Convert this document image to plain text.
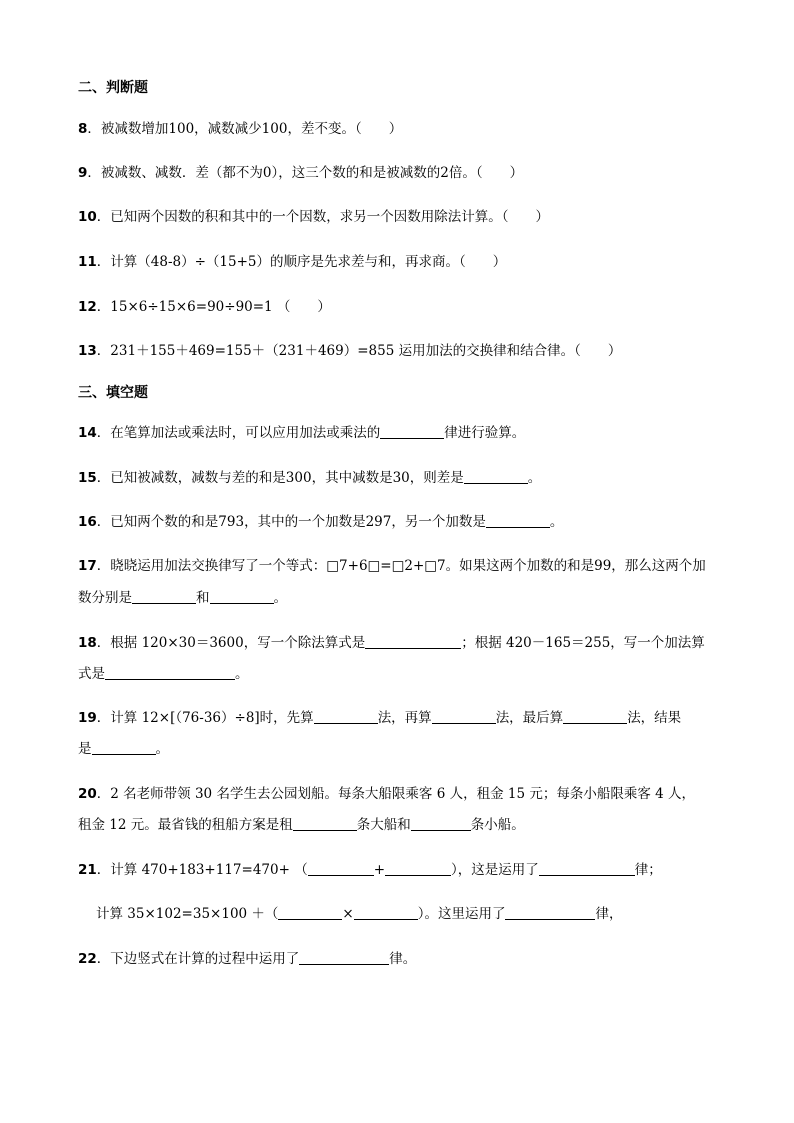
二、判断题
8．被减数增加100，减数减少100，差不变。（　　）
9．被减数、减数．差（都不为0），这三个数的和是被减数的2倍。（　　）
10．已知两个因数的积和其中的一个因数，求另一个因数用除法计算。（　　）
11．计算（48-8）÷（15+5）的顺序是先求差与和，再求商。（　　）
12．15×6÷15×6=90÷90=1 （　　）
13．231＋155＋469=155＋（231＋469）=855 运用加法的交换律和结合律。（　　）
三、填空题
14．在笔算加法或乘法时，可以应用加法或乘法的	律进行验算。
15．已知被减数，减数与差的和是300，其中减数是30，则差是	。
16．已知两个数的和是793，其中的一个加数是297，另一个加数是	。
17．晓晓运用加法交换律写了一个等式：□7+6□=□2+□7。如果这两个加数的和是99，那么这两个加
数分别是	和	。
18．根据 120×30＝3600，写一个除法算式是	；根据 420－165＝255，写一个加法算
式是	。
19．计算 12×[（76-36）÷8]时，先算	法，再算	法，最后算	法，结果
是	。
20．2 名老师带领 30 名学生去公园划船。每条大船限乘客 6 人，租金 15 元；每条小船限乘客 4 人，
租金 12 元。最省钱的租船方案是租	条大船和	条小船。
21．计算 470+183+117=470+ （	+	），这是运用了	律；
计算 35×102=35×100 ＋（	×	）。这里运用了	律，
22．下边竖式在计算的过程中运用了	律。
